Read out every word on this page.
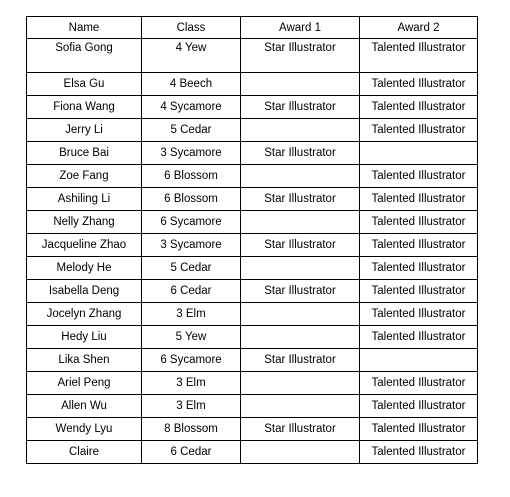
Name	Class	Award 1	Award 2
Sofia Gong	4 Yew	Star Illustrator	Talented Illustrator
Elsa Gu	4 Beech		Talented Illustrator
Fiona Wang	4 Sycamore	Star Illustrator	Talented Illustrator
Jerry Li	5 Cedar		Talented Illustrator
Bruce Bai	3 Sycamore	Star Illustrator	
Zoe Fang	6 Blossom		Talented Illustrator
Ashiling Li	6 Blossom	Star Illustrator	Talented Illustrator
Nelly Zhang	6 Sycamore		Talented Illustrator
Jacqueline Zhao	3 Sycamore	Star Illustrator	Talented Illustrator
Melody He	5 Cedar		Talented Illustrator
Isabella Deng	6 Cedar	Star Illustrator	Talented Illustrator
Jocelyn Zhang	3 Elm		Talented Illustrator
Hedy Liu	5 Yew		Talented Illustrator
Lika Shen	6 Sycamore	Star Illustrator	
Ariel Peng	3 Elm		Talented Illustrator
Allen Wu	3 Elm		Talented Illustrator
Wendy Lyu	8 Blossom	Star Illustrator	Talented Illustrator
Claire	6 Cedar		Talented Illustrator
